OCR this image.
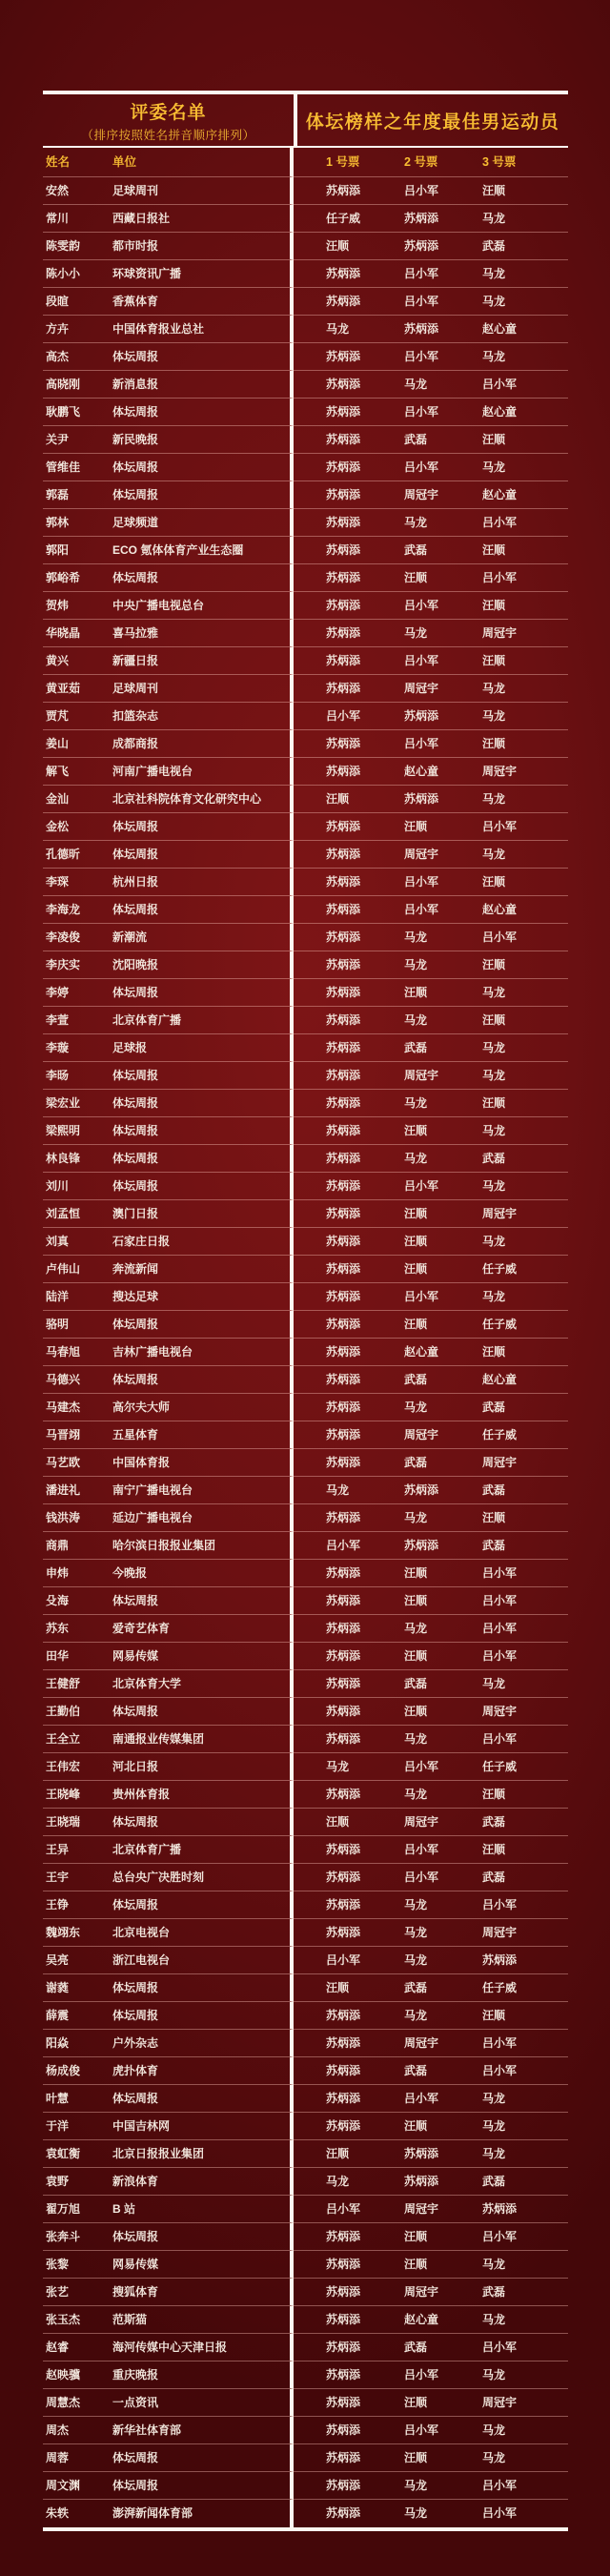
评委名单
（排序按照姓名拼音顺序排列）
体坛榜样之年度最佳男运动员
姓名	单位	1 号票	2 号票	3 号票
安然	足球周刊	苏炳添	吕小军	汪顺
常川	西藏日报社	任子威	苏炳添	马龙
陈雯韵	都市时报	汪顺	苏炳添	武磊
陈小小	环球资讯广播	苏炳添	吕小军	马龙
段暄	香蕉体育	苏炳添	吕小军	马龙
方卉	中国体育报业总社	马龙	苏炳添	赵心童
高杰	体坛周报	苏炳添	吕小军	马龙
高晓刚	新消息报	苏炳添	马龙	吕小军
耿鹏飞	体坛周报	苏炳添	吕小军	赵心童
关尹	新民晚报	苏炳添	武磊	汪顺
管维佳	体坛周报	苏炳添	吕小军	马龙
郭磊	体坛周报	苏炳添	周冠宇	赵心童
郭林	足球频道	苏炳添	马龙	吕小军
郭阳	ECO 氪体体育产业生态圈	苏炳添	武磊	汪顺
郭峪希	体坛周报	苏炳添	汪顺	吕小军
贺炜	中央广播电视总台	苏炳添	吕小军	汪顺
华晓晶	喜马拉雅	苏炳添	马龙	周冠宇
黄兴	新疆日报	苏炳添	吕小军	汪顺
黄亚茹	足球周刊	苏炳添	周冠宇	马龙
贾芃	扣篮杂志	吕小军	苏炳添	马龙
姜山	成都商报	苏炳添	吕小军	汪顺
解飞	河南广播电视台	苏炳添	赵心童	周冠宇
金汕	北京社科院体育文化研究中心	汪顺	苏炳添	马龙
金松	体坛周报	苏炳添	汪顺	吕小军
孔德昕	体坛周报	苏炳添	周冠宇	马龙
李琛	杭州日报	苏炳添	吕小军	汪顺
李海龙	体坛周报	苏炳添	吕小军	赵心童
李凌俊	新潮流	苏炳添	马龙	吕小军
李庆实	沈阳晚报	苏炳添	马龙	汪顺
李婷	体坛周报	苏炳添	汪顺	马龙
李萱	北京体育广播	苏炳添	马龙	汪顺
李璇	足球报	苏炳添	武磊	马龙
李旸	体坛周报	苏炳添	周冠宇	马龙
梁宏业	体坛周报	苏炳添	马龙	汪顺
梁熙明	体坛周报	苏炳添	汪顺	马龙
林良锋	体坛周报	苏炳添	马龙	武磊
刘川	体坛周报	苏炳添	吕小军	马龙
刘孟恒	澳门日报	苏炳添	汪顺	周冠宇
刘真	石家庄日报	苏炳添	汪顺	马龙
卢伟山	奔流新闻	苏炳添	汪顺	任子威
陆洋	搜达足球	苏炳添	吕小军	马龙
骆明	体坛周报	苏炳添	汪顺	任子威
马春旭	吉林广播电视台	苏炳添	赵心童	汪顺
马德兴	体坛周报	苏炳添	武磊	赵心童
马建杰	高尔夫大师	苏炳添	马龙	武磊
马晋翊	五星体育	苏炳添	周冠宇	任子威
马艺欧	中国体育报	苏炳添	武磊	周冠宇
潘进礼	南宁广播电视台	马龙	苏炳添	武磊
钱洪涛	延边广播电视台	苏炳添	马龙	汪顺
商鼎	哈尔滨日报报业集团	吕小军	苏炳添	武磊
申炜	今晚报	苏炳添	汪顺	吕小军
殳海	体坛周报	苏炳添	汪顺	吕小军
苏东	爱奇艺体育	苏炳添	马龙	吕小军
田华	网易传媒	苏炳添	汪顺	吕小军
王健舒	北京体育大学	苏炳添	武磊	马龙
王勤伯	体坛周报	苏炳添	汪顺	周冠宇
王全立	南通报业传媒集团	苏炳添	马龙	吕小军
王伟宏	河北日报	马龙	吕小军	任子威
王晓峰	贵州体育报	苏炳添	马龙	汪顺
王晓瑞	体坛周报	汪顺	周冠宇	武磊
王异	北京体育广播	苏炳添	吕小军	汪顺
王宇	总台央广决胜时刻	苏炳添	吕小军	武磊
王铮	体坛周报	苏炳添	马龙	吕小军
魏翊东	北京电视台	苏炳添	马龙	周冠宇
吴亮	浙江电视台	吕小军	马龙	苏炳添
谢蕤	体坛周报	汪顺	武磊	任子威
薛震	体坛周报	苏炳添	马龙	汪顺
阳焱	户外杂志	苏炳添	周冠宇	吕小军
杨成俊	虎扑体育	苏炳添	武磊	吕小军
叶慧	体坛周报	苏炳添	吕小军	马龙
于洋	中国吉林网	苏炳添	汪顺	马龙
袁虹衡	北京日报报业集团	汪顺	苏炳添	马龙
袁野	新浪体育	马龙	苏炳添	武磊
翟万旭	B 站	吕小军	周冠宇	苏炳添
张奔斗	体坛周报	苏炳添	汪顺	吕小军
张黎	网易传媒	苏炳添	汪顺	马龙
张艺	搜狐体育	苏炳添	周冠宇	武磊
张玉杰	范斯猫	苏炳添	赵心童	马龙
赵睿	海河传媒中心天津日报	苏炳添	武磊	吕小军
赵映骥	重庆晚报	苏炳添	吕小军	马龙
周慧杰	一点资讯	苏炳添	汪顺	周冠宇
周杰	新华社体育部	苏炳添	吕小军	马龙
周蓉	体坛周报	苏炳添	汪顺	马龙
周文渊	体坛周报	苏炳添	马龙	吕小军
朱轶	澎湃新闻体育部	苏炳添	马龙	吕小军
